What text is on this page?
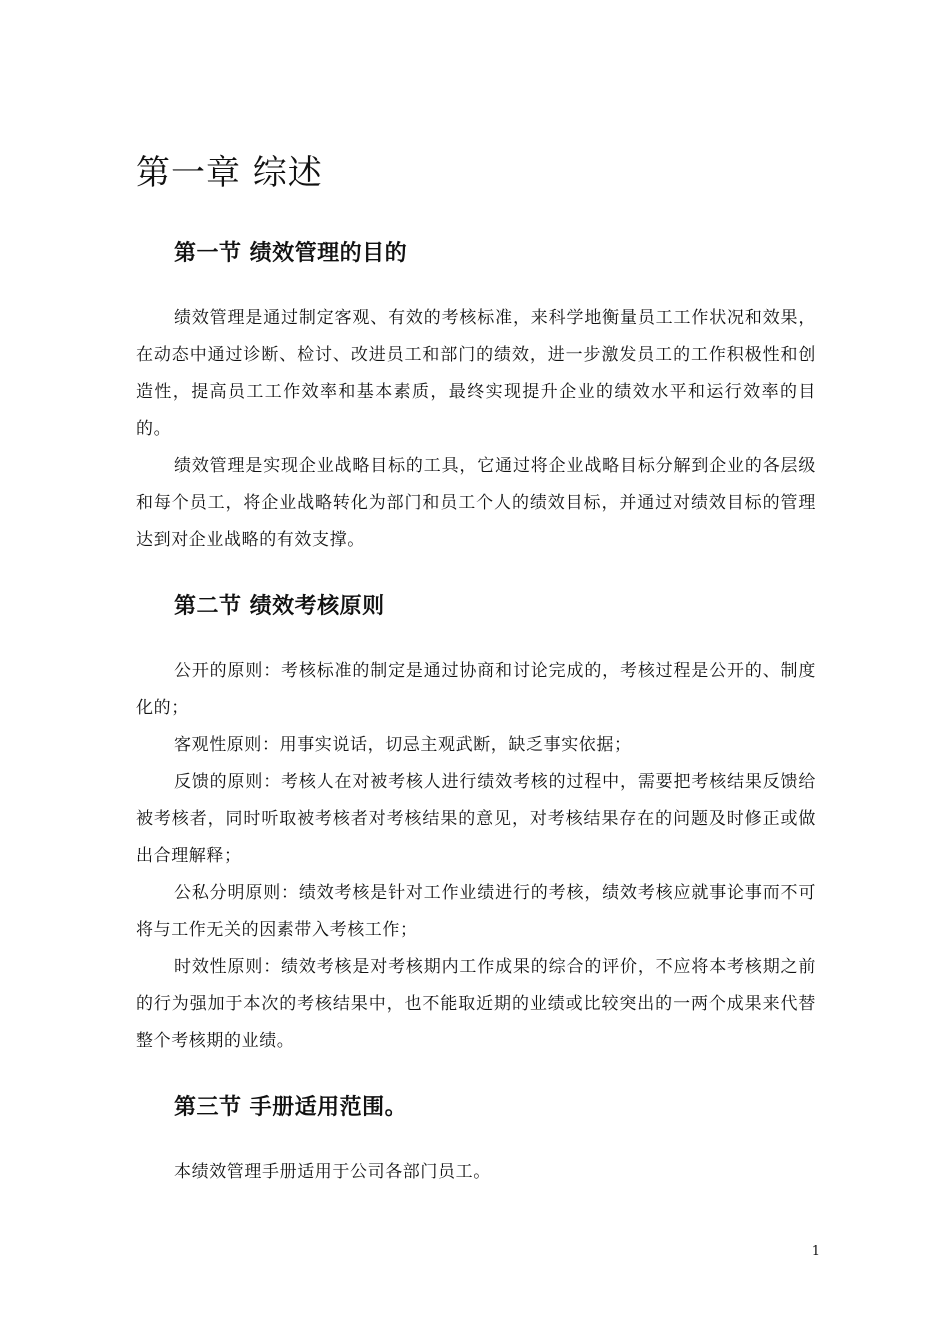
第一章 综述
第一节 绩效管理的目的

绩效管理是通过制定客观、有效的考核标准，来科学地衡量员工工作状况和效果，在动态中通过诊断、检讨、改进员工和部门的绩效，进一步激发员工的工作积极性和创造性，提高员工工作效率和基本素质，最终实现提升企业的绩效水平和运行效率的目的。

绩效管理是实现企业战略目标的工具，它通过将企业战略目标分解到企业的各层级和每个员工，将企业战略转化为部门和员工个人的绩效目标，并通过对绩效目标的管理达到对企业战略的有效支撑。

第二节 绩效考核原则

公开的原则：考核标准的制定是通过协商和讨论完成的，考核过程是公开的、制度化的；

客观性原则：用事实说话，切忌主观武断，缺乏事实依据；

反馈的原则：考核人在对被考核人进行绩效考核的过程中，需要把考核结果反馈给被考核者，同时听取被考核者对考核结果的意见，对考核结果存在的问题及时修正或做出合理解释；

公私分明原则：绩效考核是针对工作业绩进行的考核，绩效考核应就事论事而不可将与工作无关的因素带入考核工作；

时效性原则：绩效考核是对考核期内工作成果的综合的评价，不应将本考核期之前的行为强加于本次的考核结果中，也不能取近期的业绩或比较突出的一两个成果来代替整个考核期的业绩。

第三节 手册适用范围。

本绩效管理手册适用于公司各部门员工。

1
